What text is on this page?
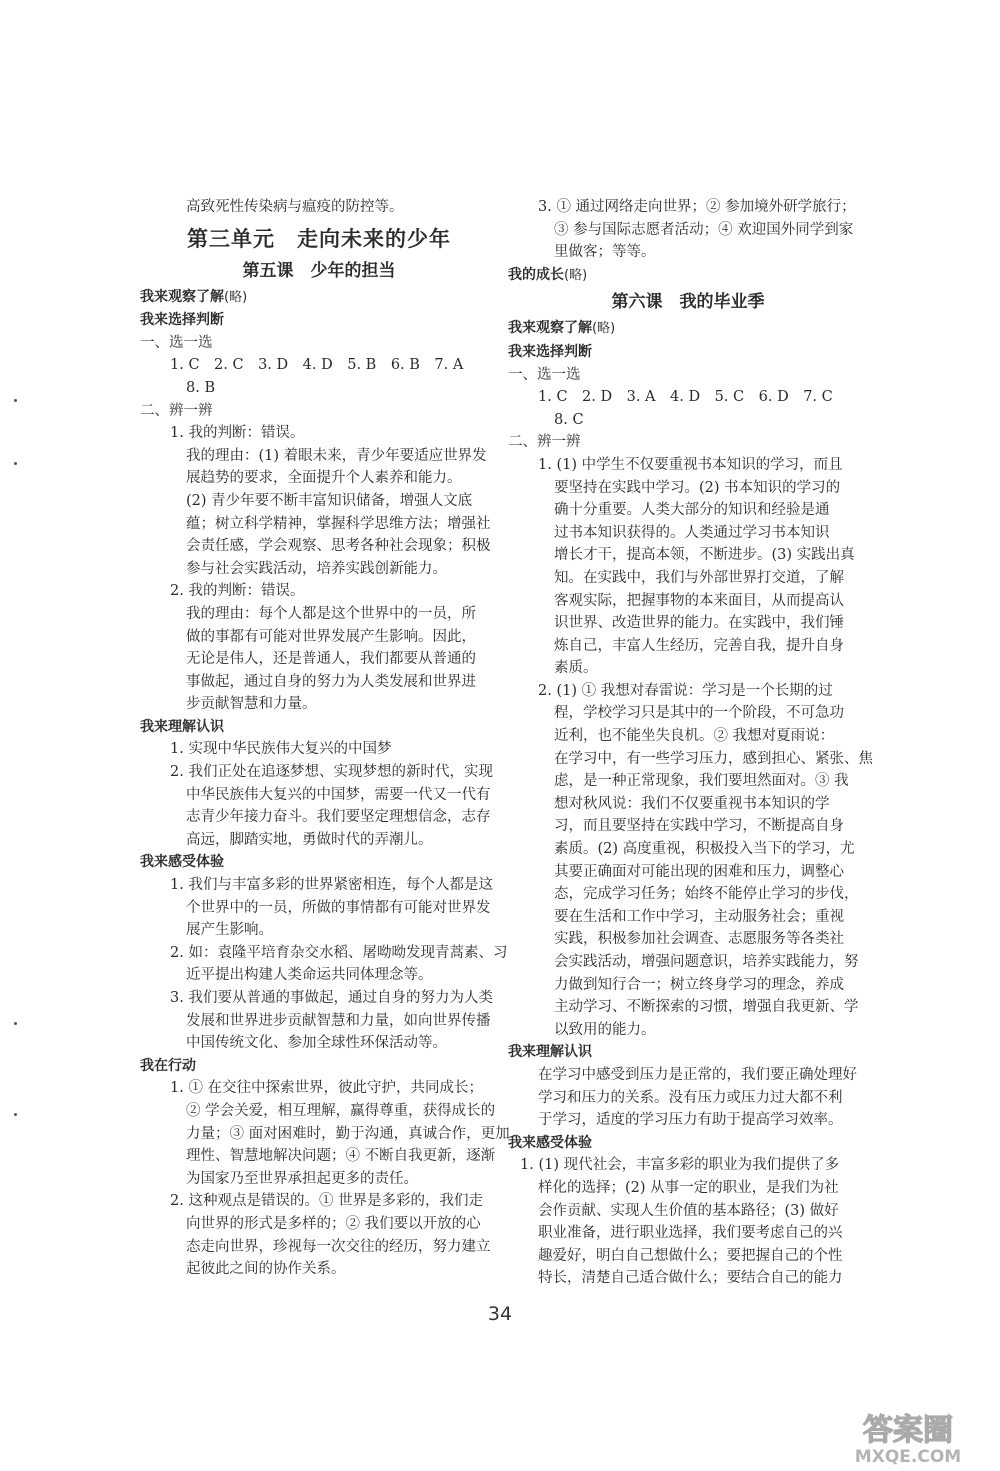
高致死性传染病与瘟疫的防控等。
第三单元　走向未来的少年
第五课　少年的担当
我来观察了解(略)
我来选择判断
一、选一选
1. C　2. C　3. D　4. D　5. B　6. B　7. A
8. B
二、辨一辨
1. 我的判断：错误。
我的理由：(1) 着眼未来，青少年要适应世界发
展趋势的要求，全面提升个人素养和能力。
(2) 青少年要不断丰富知识储备，增强人文底
蕴；树立科学精神，掌握科学思维方法；增强社
会责任感，学会观察、思考各种社会现象；积极
参与社会实践活动，培养实践创新能力。
2. 我的判断：错误。
我的理由：每个人都是这个世界中的一员，所
做的事都有可能对世界发展产生影响。因此，
无论是伟人，还是普通人，我们都要从普通的
事做起，通过自身的努力为人类发展和世界进
步贡献智慧和力量。
我来理解认识
1. 实现中华民族伟大复兴的中国梦
2. 我们正处在追逐梦想、实现梦想的新时代，实现
中华民族伟大复兴的中国梦，需要一代又一代有
志青少年接力奋斗。我们要坚定理想信念，志存
高远，脚踏实地，勇做时代的弄潮儿。
我来感受体验
1. 我们与丰富多彩的世界紧密相连，每个人都是这
个世界中的一员，所做的事情都有可能对世界发
展产生影响。
2. 如：袁隆平培育杂交水稻、屠呦呦发现青蒿素、习
近平提出构建人类命运共同体理念等。
3. 我们要从普通的事做起，通过自身的努力为人类
发展和世界进步贡献智慧和力量，如向世界传播
中国传统文化、参加全球性环保活动等。
我在行动
1. ① 在交往中探索世界，彼此守护，共同成长；
② 学会关爱，相互理解，赢得尊重，获得成长的
力量；③ 面对困难时，勤于沟通，真诚合作，更加
理性、智慧地解决问题；④ 不断自我更新，逐渐
为国家乃至世界承担起更多的责任。
2. 这种观点是错误的。① 世界是多彩的，我们走
向世界的形式是多样的；② 我们要以开放的心
态走向世界，珍视每一次交往的经历，努力建立
起彼此之间的协作关系。
3. ① 通过网络走向世界；② 参加境外研学旅行；
③ 参与国际志愿者活动；④ 欢迎国外同学到家
里做客；等等。
我的成长(略)
第六课　我的毕业季
我来观察了解(略)
我来选择判断
一、选一选
1. C　2. D　3. A　4. D　5. C　6. D　7. C
8. C
二、辨一辨
1. (1) 中学生不仅要重视书本知识的学习，而且
要坚持在实践中学习。(2) 书本知识的学习的
确十分重要。人类大部分的知识和经验是通
过书本知识获得的。人类通过学习书本知识
增长才干，提高本领，不断进步。(3) 实践出真
知。在实践中，我们与外部世界打交道，了解
客观实际，把握事物的本来面目，从而提高认
识世界、改造世界的能力。在实践中，我们锤
炼自己，丰富人生经历，完善自我，提升自身
素质。
2. (1) ① 我想对春雷说：学习是一个长期的过
程，学校学习只是其中的一个阶段，不可急功
近利，也不能坐失良机。② 我想对夏雨说：
在学习中，有一些学习压力，感到担心、紧张、焦
虑，是一种正常现象，我们要坦然面对。③ 我
想对秋风说：我们不仅要重视书本知识的学
习，而且要坚持在实践中学习，不断提高自身
素质。(2) 高度重视，积极投入当下的学习，尤
其要正确面对可能出现的困难和压力，调整心
态，完成学习任务；始终不能停止学习的步伐，
要在生活和工作中学习，主动服务社会；重视
实践，积极参加社会调查、志愿服务等各类社
会实践活动，增强问题意识，培养实践能力，努
力做到知行合一；树立终身学习的理念，养成
主动学习、不断探索的习惯，增强自我更新、学
以致用的能力。
我来理解认识
在学习中感受到压力是正常的，我们要正确处理好
学习和压力的关系。没有压力或压力过大都不利
于学习，适度的学习压力有助于提高学习效率。
我来感受体验
1. (1) 现代社会，丰富多彩的职业为我们提供了多
样化的选择；(2) 从事一定的职业，是我们为社
会作贡献、实现人生价值的基本路径；(3) 做好
职业准备，进行职业选择，我们要考虑自己的兴
趣爱好，明白自己想做什么；要把握自己的个性
特长，清楚自己适合做什么；要结合自己的能力
34
答案圈
MXQE.COM
